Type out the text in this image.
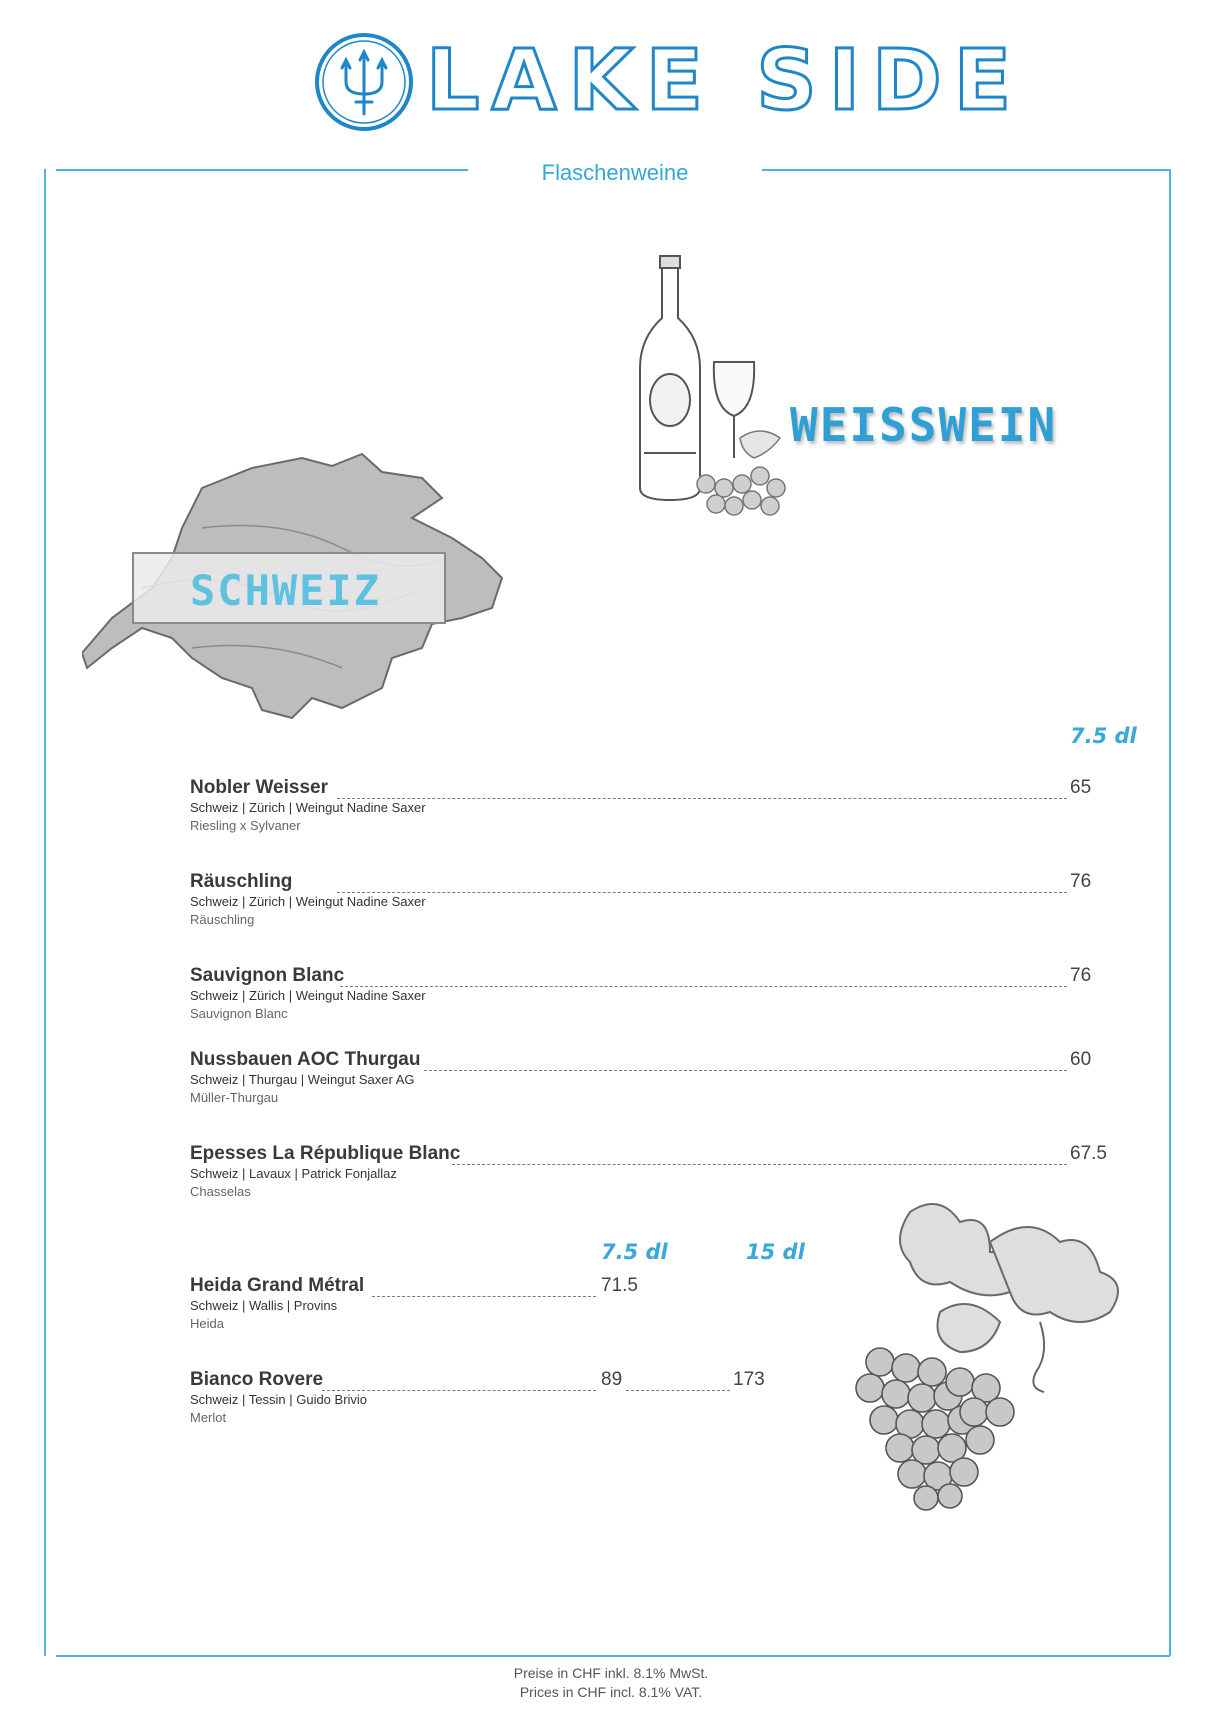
LAKE SIDE
Flaschenweine
WEISSWEIN
SCHWEIZ
7.5 dl
Nobler Weisser	65
Schweiz | Zürich | Weingut Nadine Saxer
Riesling x Sylvaner
Räuschling	76
Schweiz | Zürich | Weingut Nadine Saxer
Räuschling
Sauvignon Blanc	76
Schweiz | Zürich | Weingut Nadine Saxer
Sauvignon Blanc
Nussbauen AOC Thurgau	60
Schweiz | Thurgau | Weingut Saxer AG
Müller-Thurgau
Epesses La République Blanc	67.5
Schweiz | Lavaux | Patrick Fonjallaz
Chasselas
7.5 dl	15 dl
Heida Grand Métral	71.5
Schweiz | Wallis | Provins
Heida
Bianco Rovere	89	173
Schweiz | Tessin | Guido Brivio
Merlot
Preise in CHF inkl. 8.1% MwSt.
Prices in CHF incl. 8.1% VAT.
